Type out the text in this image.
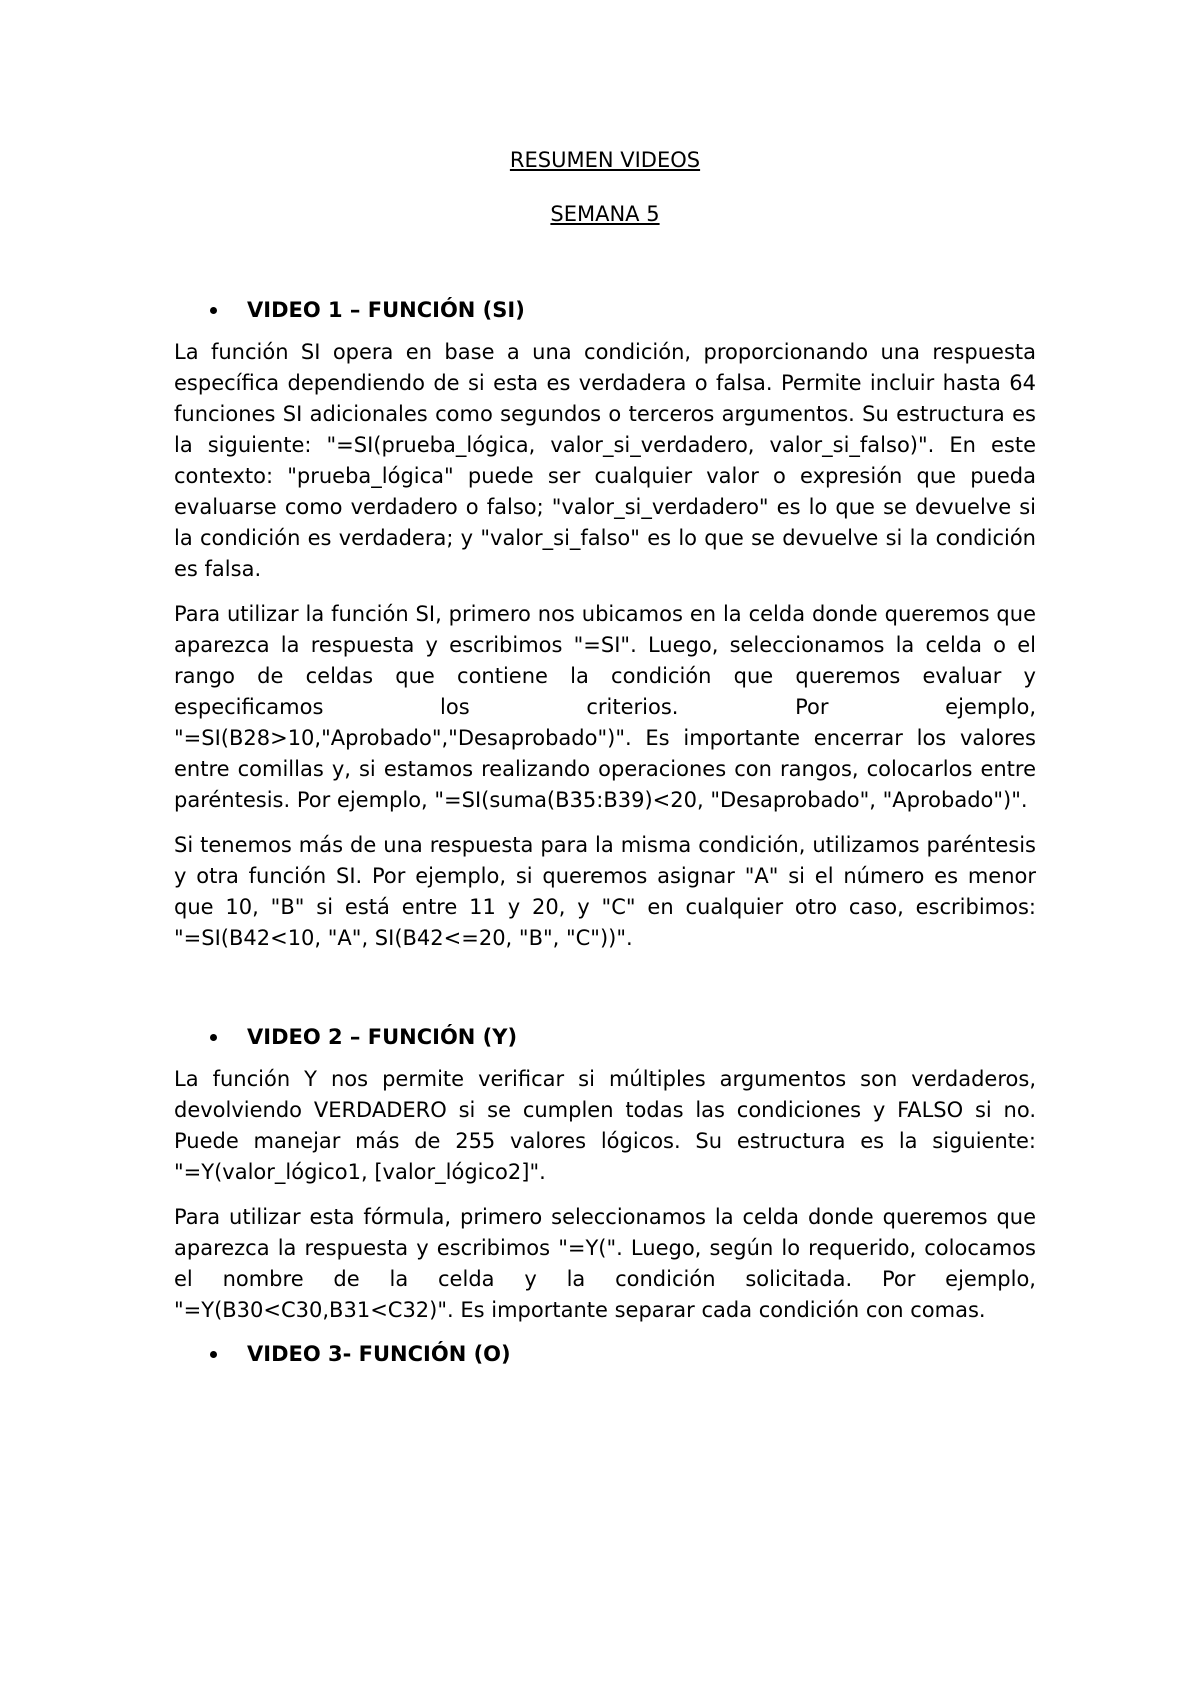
RESUMEN VIDEOS
SEMANA 5
VIDEO 1 – FUNCIÓN (SI)

La función SI opera en base a una condición, proporcionando una respuesta específica dependiendo de si esta es verdadera o falsa. Permite incluir hasta 64 funciones SI adicionales como segundos o terceros argumentos. Su estructura es la siguiente: "=SI(prueba_lógica, valor_si_verdadero, valor_si_falso)". En este contexto: "prueba_lógica" puede ser cualquier valor o expresión que pueda evaluarse como verdadero o falso; "valor_si_verdadero" es lo que se devuelve si la condición es verdadera; y "valor_si_falso" es lo que se devuelve si la condición es falsa.

Para utilizar la función SI, primero nos ubicamos en la celda donde queremos que aparezca la respuesta y escribimos "=SI". Luego, seleccionamos la celda o el rango de celdas que contiene la condición que queremos evaluar y especificamos los criterios. Por ejemplo, "=SI(B28>10,"Aprobado","Desaprobado")". Es importante encerrar los valores entre comillas y, si estamos realizando operaciones con rangos, colocarlos entre paréntesis. Por ejemplo, "=SI(suma(B35:B39)<20, "Desaprobado", "Aprobado")".

Si tenemos más de una respuesta para la misma condición, utilizamos paréntesis y otra función SI. Por ejemplo, si queremos asignar "A" si el número es menor que 10, "B" si está entre 11 y 20, y "C" en cualquier otro caso, escribimos: "=SI(B42<10, "A", SI(B42<=20, "B", "C"))".

VIDEO 2 – FUNCIÓN (Y)

La función Y nos permite verificar si múltiples argumentos son verdaderos, devolviendo VERDADERO si se cumplen todas las condiciones y FALSO si no. Puede manejar más de 255 valores lógicos. Su estructura es la siguiente: "=Y(valor_lógico1, [valor_lógico2]".

Para utilizar esta fórmula, primero seleccionamos la celda donde queremos que aparezca la respuesta y escribimos "=Y(". Luego, según lo requerido, colocamos el nombre de la celda y la condición solicitada. Por ejemplo, "=Y(B30<C30,B31<C32)". Es importante separar cada condición con comas.

VIDEO 3- FUNCIÓN (O)
